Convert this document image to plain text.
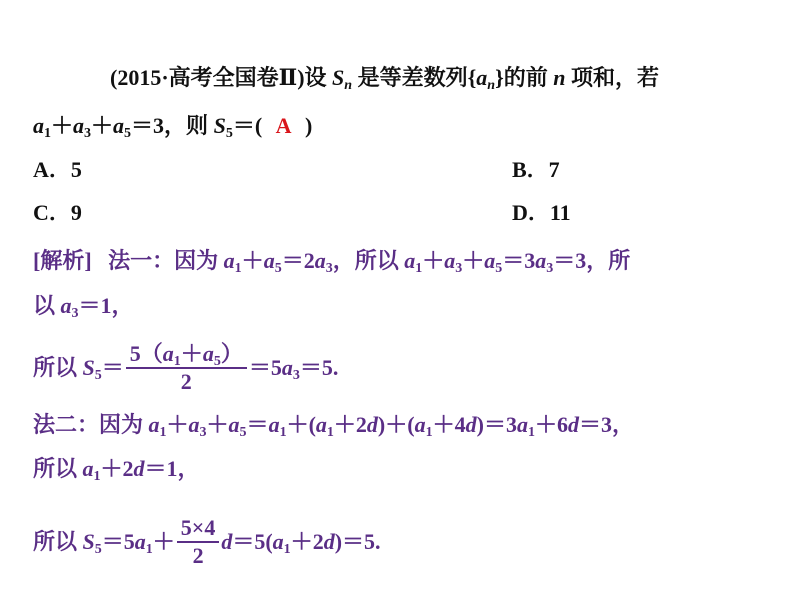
(2015·高考全国卷Ⅱ)设 $S_n$ 是等差数列$\{a_n\}$的前 n 项和，若
$a_1+a_3+a_5=3$，则 $S_5=$( A )
A．5	B．7
C．9	D．11
[解析] 法一：因为 $a_1+a_5=2a_3$，所以 $a_1+a_3+a_5=3a_3=3$，所
以 $a_3=1$，
所以 $S_5= \frac{5(a_1+a_5)}{2} =5a_3=5$.
法二：因为 $a_1+a_3+a_5=a_1+(a_1+2d)+(a_1+4d)=3a_1+6d=3$，
所以 $a_1+2d=1$，
所以 $S_5=5a_1+ \frac{5\times 4}{2} d=5(a_1+2d)=5$.
